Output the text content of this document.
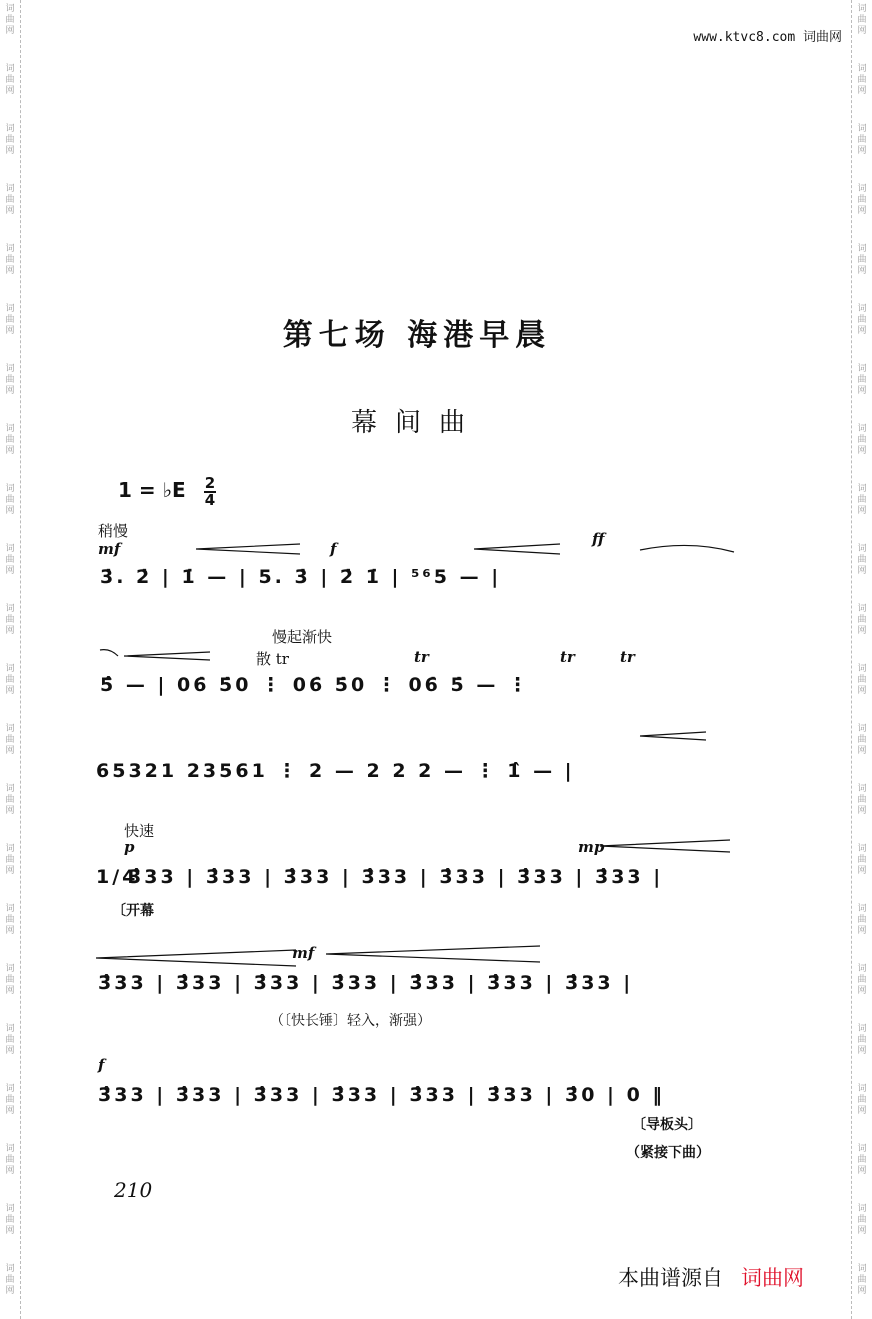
词
曲
网
词
曲
网
词
曲
网
词
曲
网
词
曲
网
词
曲
网
词
曲
网
词
曲
网
词
曲
网
词
曲
网
词
曲
网
词
曲
网
词
曲
网
词
曲
网
词
曲
网
词
曲
网
词
曲
网
词
曲
网
词
曲
网
词
曲
网
词
曲
网
词
曲
网
词
曲
网
词
曲
网
词
曲
网
词
曲
网
词
曲
网
词
曲
网
词
曲
网
词
曲
网
词
曲
网
词
曲
网
词
曲
网
词
曲
网
词
曲
网
词
曲
网
词
曲
网
词
曲
网
词
曲
网
词
曲
网
词
曲
网
词
曲
网
词
曲
网
词
曲
网
www.ktvc8.com 词曲网
第七场 海港早晨
幕间曲
1 = ♭E 2
4
稍慢
mf	f
ff
3̇. 2̇ | 1̇ — | 5. 3̇ | 2̇ 1̇ | ⁵⁶5 — |
慢起渐快
散 tr	tr	tr	tr
5̂ — | 06̇ 5̇0 ⋮ 06̇ 5̇0 ⋮ 06̇ 5̇ — ⋮
65321 23561 ⋮ 2 — 2 2 2 — ⋮ 1̂ — |
快速
p	mp
1/4
3̂33 | 3̂33 | 3̂33 | 3̂33 | 3̂33 | 3̂33 | 3̂33 |
〔开幕
mf
3̂33 | 3̂33 | 3̂33 | 3̂33 | 3̂33 | 3̂33 | 3̂33 |
（〔快长锤〕轻入，渐强）
f
3̂33 | 3̂33 | 3̂33 | 3̂33 | 3̂33 | 3̂33 | 3̂0 | 0 ‖
〔导板头〕
（紧接下曲）
210
本曲谱源自 词曲网
